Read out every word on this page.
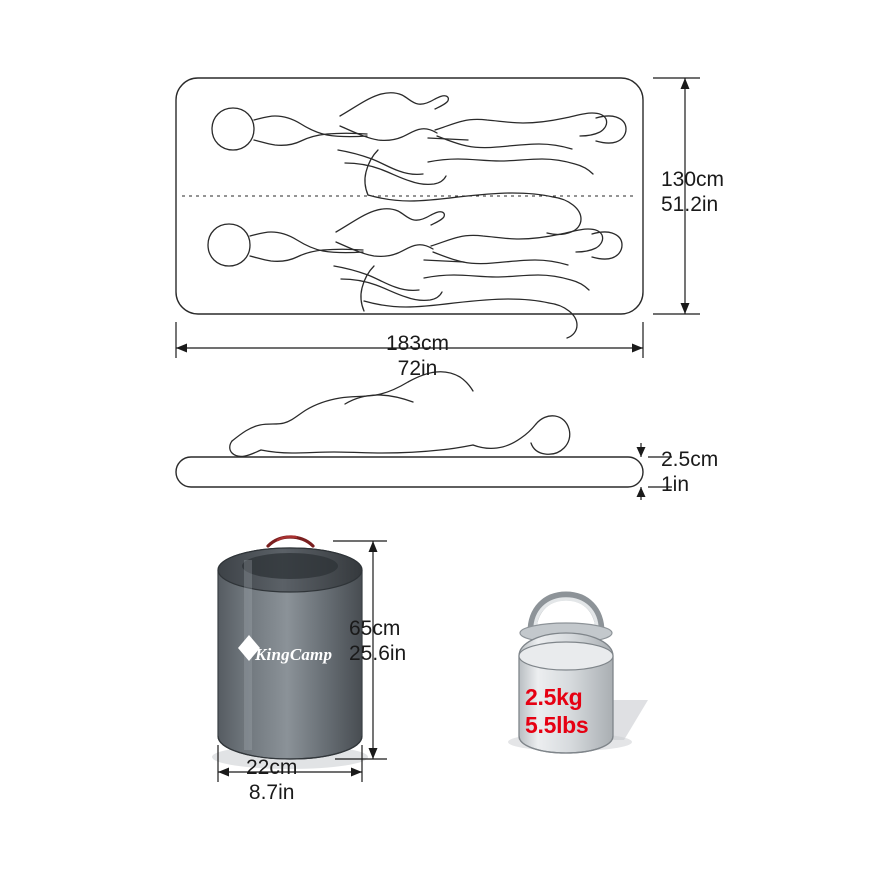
130cm
51.2in
183cm
72in
2.5cm
1in
65cm
25.6in
22cm
8.7in
KingCamp
2.5kg
5.5lbs
